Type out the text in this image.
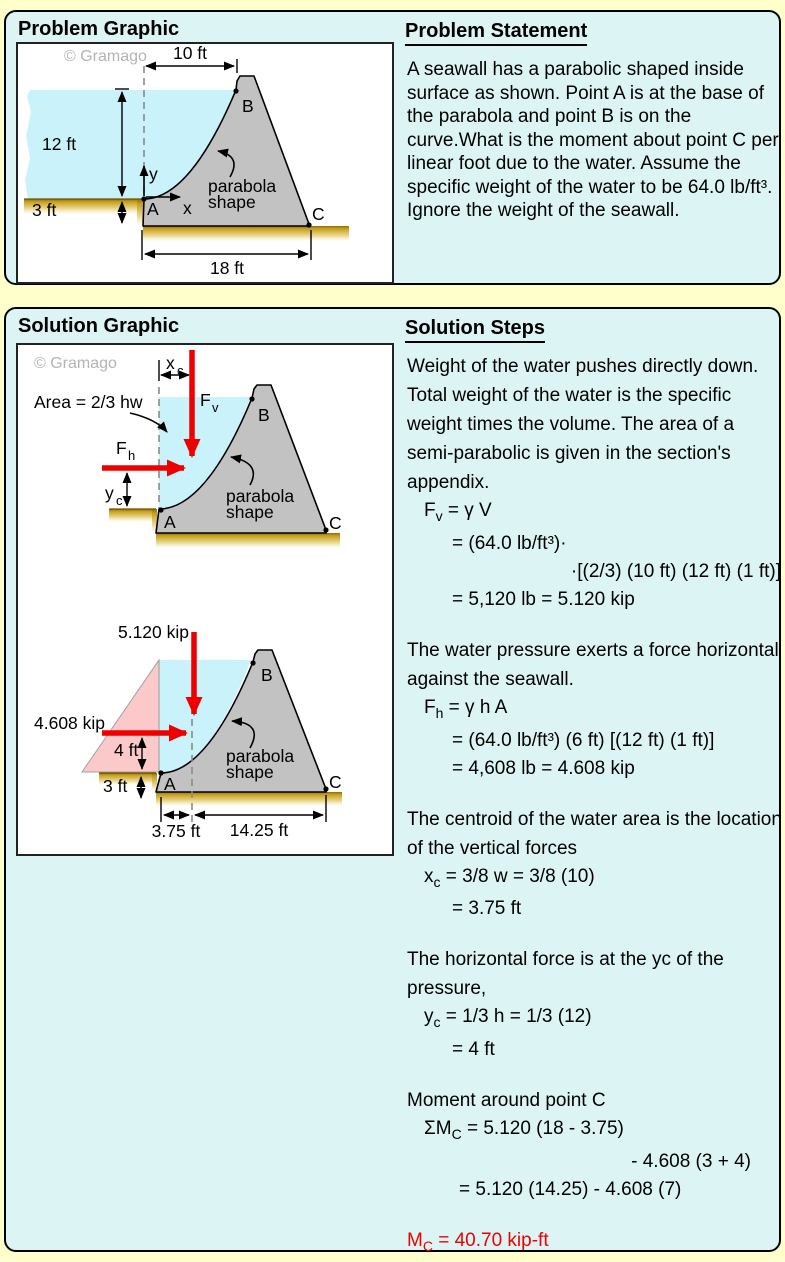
Problem Graphic
© Gramago 10 ft
12 ft
3 ft
18 ft
y
x
A
B
C
parabola
shape
Problem Statement
A seawall has a parabolic shaped inside surface as shown. Point A is at the base of the parabola and point B is on the curve.What is the moment about point C per linear foot due to the water. Assume the specific weight of the water to be 64.0 lb/ft³. Ignore the weight of the seawall.
Solution Graphic
© Gramago	x c
F v
F h
y c
Area = 2/3 hw
A
B
C
parabola
shape
5.120 kip
4.608 kip
4 ft
3 ft A
B
C
parabola
shape
3.75 ft 14.25 ft
Solution Steps
Weight of the water pushes directly down. Total weight of the water is the specific weight times the volume. The area of a semi-parabolic is given in the section's appendix.
$F_v = \gamma$ V
= (64.0 lb/ft³)·
·[(2/3) (10 ft) (12 ft) (1 ft)]
= 5,120 lb = 5.120 kip
The water pressure exerts a force horizontal against the seawall.
$F_h = \gamma$ h A
= (64.0 lb/ft³) (6 ft) [(12 ft) (1 ft)]
= 4,608 lb = 4.608 kip
The centroid of the water area is the location of the vertical forces
$x_c = 3/8$ w = 3/8 (10)
= 3.75 ft
The horizontal force is at the yc of the pressure,
$y_c = 1/3$ h = 1/3 (12)
= 4 ft
Moment around point C
$\Sigma M_C = 5.120$ (18 - 3.75)
- 4.608 (3 + 4)
= 5.120 (14.25) - 4.608 (7)
$M_C = 40.70$ kip-ft
